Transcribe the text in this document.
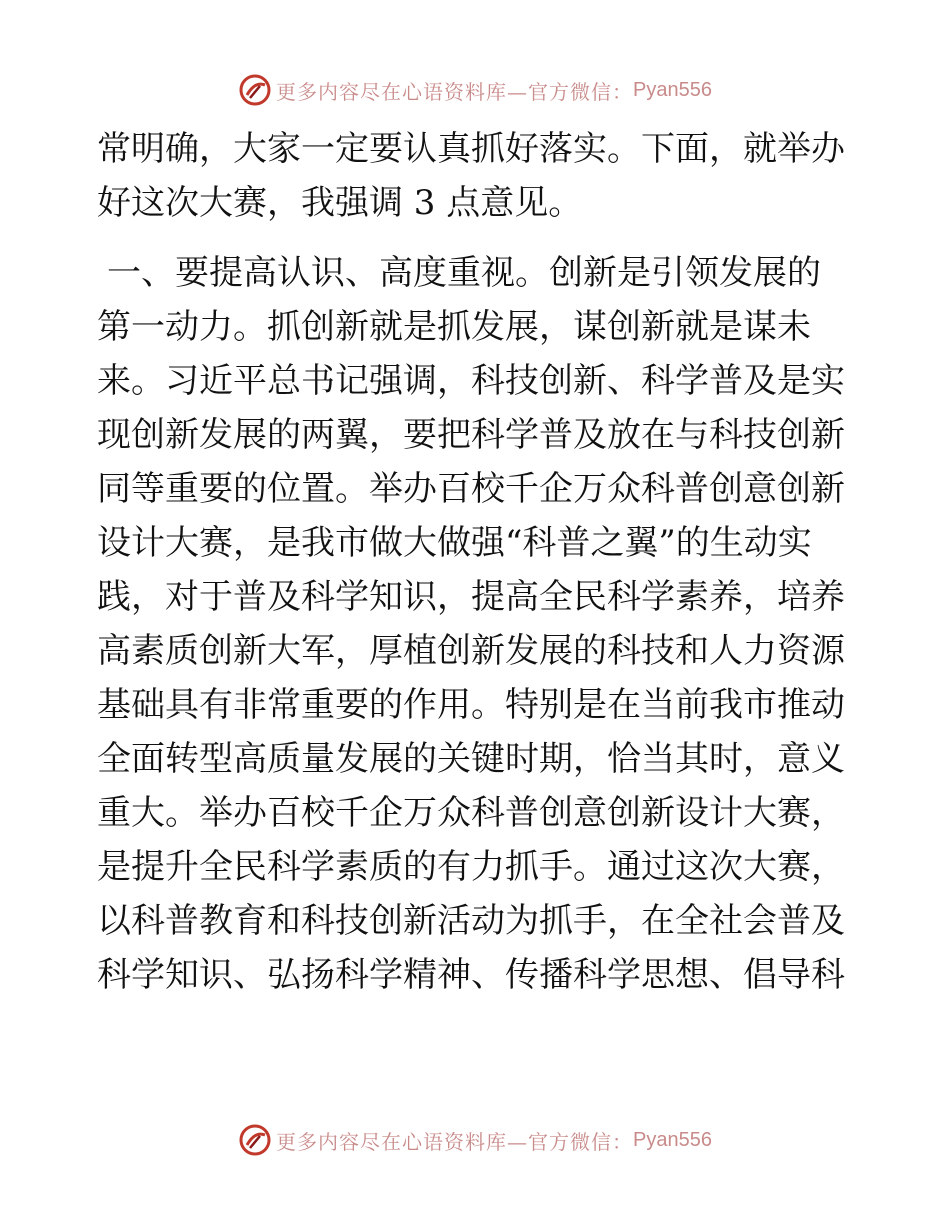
更多内容尽在心语资料库—官方微信： Pyan556
常明确，大家一定要认真抓好落实。下面，就举办
好这次大赛，我强调 3 点意见。
一、要提高认识、高度重视。创新是引领发展的
第一动力。抓创新就是抓发展，谋创新就是谋未
来。习近平总书记强调，科技创新、科学普及是实
现创新发展的两翼，要把科学普及放在与科技创新
同等重要的位置。举办百校千企万众科普创意创新
设计大赛，是我市做大做强“科普之翼”的生动实
践，对于普及科学知识，提高全民科学素养，培养
高素质创新大军，厚植创新发展的科技和人力资源
基础具有非常重要的作用。特别是在当前我市推动
全面转型高质量发展的关键时期，恰当其时，意义
重大。举办百校千企万众科普创意创新设计大赛，
是提升全民科学素质的有力抓手。通过这次大赛，
以科普教育和科技创新活动为抓手，在全社会普及
科学知识、弘扬科学精神、传播科学思想、倡导科
更多内容尽在心语资料库—官方微信： Pyan556
